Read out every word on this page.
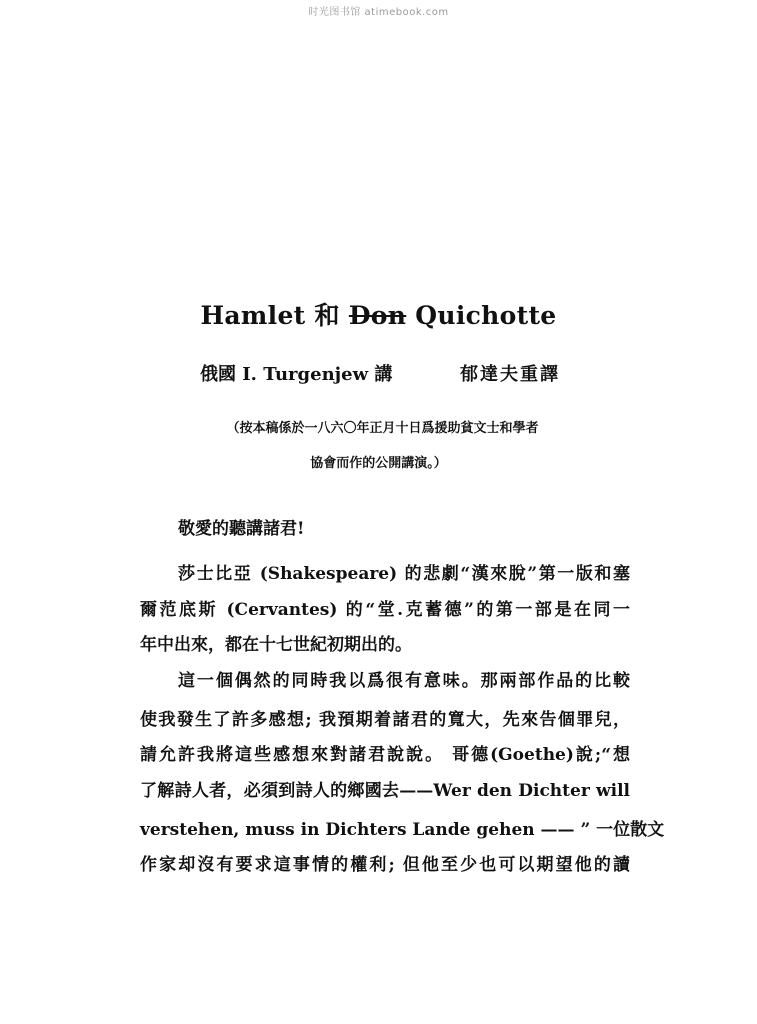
时光图书馆 atimebook.com
Hamlet 和 Don Quichotte
俄國 I. Turgenjew 講	郁達夫重譯
（按本稿係於一八六〇年正月十日爲援助貧文士和學者
協會而作的公開講演。）
敬愛的聽講諸君!
莎士比亞 (Shakespeare) 的悲劇“漢來脫”第一版和塞
爾范底斯 (Cervantes) 的“堂.克蓄德”的第一部是在同一
年中出來，都在十七世紀初期出的。
這一個偶然的同時我以爲很有意味。那兩部作品的比較
使我發生了許多感想; 我預期着諸君的寬大，先來告個罪兒，
請允許我將這些感想來對諸君說說。 哥德(Goethe)說;“想
了解詩人者，必須到詩人的鄉國去——Wer den Dichter will
verstehen, muss in Dichters Lande gehen —— ” 一位散文
作家却沒有要求這事情的權利; 但他至少也可以期望他的讀
